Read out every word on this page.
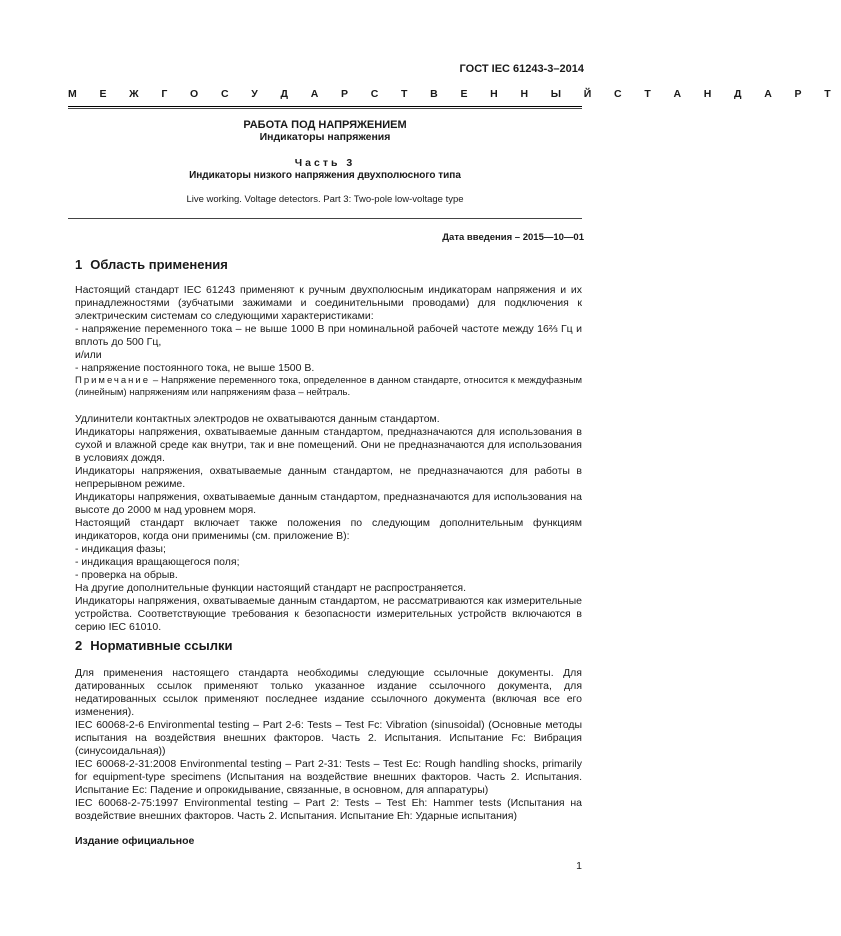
ГОСТ IEC 61243-3–2014
М Е Ж Г О С У Д А Р С Т В Е Н Н Ы Й С Т А Н Д А Р Т
РАБОТА ПОД НАПРЯЖЕНИЕМ
Индикаторы напряжения
Часть 3
Индикаторы низкого напряжения двухполюсного типа
Live working. Voltage detectors. Part 3: Two-pole low-voltage type
Дата введения – 2015—10—01
1 Область применения

Настоящий стандарт IEC 61243 применяют к ручным двухполюсным индикаторам напряжения и их принадлежностями (зубчатыми зажимами и соединительными проводами) для подключения к электрическим системам со следующими характеристиками:

- напряжение переменного тока – не выше 1000 В при номинальной рабочей частоте между 16⅔ Гц и вплоть до 500 Гц,

и/или

- напряжение постоянного тока, не выше 1500 В.

Примечание – Напряжение переменного тока, определенное в данном стандарте, относится к междуфазным (линейным) напряжениям или напряжениям фаза – нейтраль.

Удлинители контактных электродов не охватываются данным стандартом.

Индикаторы напряжения, охватываемые данным стандартом, предназначаются для использования в сухой и влажной среде как внутри, так и вне помещений. Они не предназначаются для использования в условиях дождя.

Индикаторы напряжения, охватываемые данным стандартом, не предназначаются для работы в непрерывном режиме.

Индикаторы напряжения, охватываемые данным стандартом, предназначаются для использования на высоте до 2000 м над уровнем моря.

Настоящий стандарт включает также положения по следующим дополнительным функциям индикаторов, когда они применимы (см. приложение В):

- индикация фазы;

- индикация вращающегося поля;

- проверка на обрыв.

На другие дополнительные функции настоящий стандарт не распространяется.

Индикаторы напряжения, охватываемые данным стандартом, не рассматриваются как измерительные устройства. Соответствующие требования к безопасности измерительных устройств включаются в серию IEC 61010.

2 Нормативные ссылки

Для применения настоящего стандарта необходимы следующие ссылочные документы. Для датированных ссылок применяют только указанное издание ссылочного документа, для недатированных ссылок применяют последнее издание ссылочного документа (включая все его изменения).

IEC 60068-2-6 Environmental testing – Part 2-6: Tests – Test Fc: Vibration (sinusoidal) (Основные методы испытания на воздействия внешних факторов. Часть 2. Испытания. Испытание Fc: Вибрация (синусоидальная))

IEC 60068-2-31:2008 Environmental testing – Part 2-31: Tests – Test Ec: Rough handling shocks, primarily for equipment-type specimens (Испытания на воздействие внешних факторов. Часть 2. Испытания. Испытание Ec: Падение и опрокидывание, связанные, в основном, для аппаратуры)

IEC 60068-2-75:1997 Environmental testing – Part 2: Tests – Test Eh: Hammer tests (Испытания на воздействие внешних факторов. Часть 2. Испытания. Испытание Eh: Ударные испытания)

Издание официальное
1
